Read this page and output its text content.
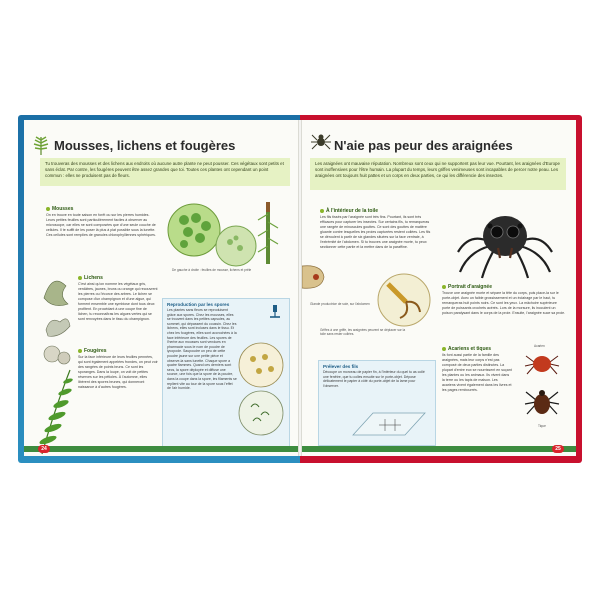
Mousses, lichens et fougères
Tu trouveras des mousses et des lichens aux endroits où aucune autre plante ne peut pousser. Ces végétaux sont petits et sans éclat. Par contre, les fougères peuvent être assez grandes que toi. Toutes ces plantes ont cependant un point commun : elles ne produisent pas de fleurs.
Mousses
On en trouve en toute saison en forêt ou sur les pierres humides. Leurs petites feuilles sont particulièrement faciles à observer au microscope, car elles ne sont composées que d'une seule couche de cellules. Il te suffit de les poser là plus à plat possible sous la lunette. Ces cellules sont remplies de granules chlorophylliennes sphériques.
De gauche à droite : feuilles de mousse, lichens et prêle
Lichens
C'est ainsi qu'on nomme les végétaux gris, verdâtres, jaunes, bruns ou orange qui recouvrent les pierres ou l'écorce des arbres. Le lichen se compose d'un champignon et d'une algue, qui forment ensemble une symbiose dont tous deux profitent. En procédant à une coupe fine de lichen, tu reconnaîtras les algues vertes qui se sont renvoyées dans le tissu du champignon.
Fougères
Sur la face inférieure de leurs feuilles pennées, qui sont également appelées frondes, on peut voir des rangées de points bruns. Ce sont les sporanges. Dans la loupe, on voit de petites réserves sur les pétioles. À l'automne, elles libèrent des spores brunes, qui donneront naissance à d'autres fougères.
Reproduction par les spores
Les plantes sans fleurs se reproduisent grâce aux spores. Chez les mousses, elles se trouvent dans les petites capsules, au sommet, qui dépassent du coussin. Chez les lichens, elles sont incluses dans le tissu. Et chez les fougères, elles sont accrochées à la face inférieure des feuilles. Les spores de l'herbe aux mousses sont vendues en pharmacie sous le nom de poudre de lycopode. Saupoudre un peu de cette poudre jaune sur une petite pièce et observe-la sans lunette. Chaque spore a quatre flammes. Quand ces derniers sont secs, la spore déployée et diffuse une source, une fois que la spore de la poudre, dans la coupe dans la spore, les filaments se replient vite au tour de la spore sous l'effet de l'air humide.
N'aie pas peur des araignées
Les araignées ont mauvaise réputation. Nombreux sont ceux qui ne supportent pas leur vue. Pourtant, les araignées d'Europe sont inoffensives pour l'être humain. La plupart du temps, leurs griffes venimeuses sont incapables de percer notre peau. Les araignées ont toujours huit pattes et un corps en deux parties, ce qui les différencie des insectes.
À l'intérieur de la toile
Les fils tissés par l'araignée sont très fins. Pourtant, ils sont très efficaces pour capturer les insectes. Sur certains fils, tu remarqueras une rangée de minuscules gouttes. Ce sont des gouttes de matière gluante contre lesquelles les proies capturées restent collées. Les fils se déroulent à partir de six glandes situées sur la face ventrale, à l'extrémité de l'abdomen. Si tu trouves une araignée morte, tu peux sectionner cette partie et la mettre dans de la paraffine.
Glande productrice de soie, sur l'abdomen
Griffes à une griffe, les araignées peuvent se déplacer sur la toile sans rester collées.
Portrait d'araignée
Trouve une araignée morte et sépare la tête du corps, puis place-la sur le porte-objet. Avec un faible grossissement et un éclairage par le haut, tu remarqueras huit points noirs. Ce sont les yeux. La mâchoire supérieure porte de puissants crochets acérés. Lors de la morsure, ils inoculent un poison paralysant dans le corps de la proie. Ensuite, l'araignée suce sa proie.
Acariens et tiques
Ils font aussi partie de la famille des araignées, mais leur corps n'est pas composé de deux parties distinctes. La plupart d'entre eux se nourrissent en suçant les plantes ou les animaux. Ils vivent dans la terre ou les tapis de maison. Les acariens vivent également dans les livres et les pages rembourrés.
Acarien
Tique
Prélever des fils
Découpe un morceau de papier fin, à l'intérieur du quel tu as collé une fenêtre, que tu colles ensuite sur le porte-objet. Dépose délicatement le papier à côté du porte-objet de la lame pour l'observer.
24	25
